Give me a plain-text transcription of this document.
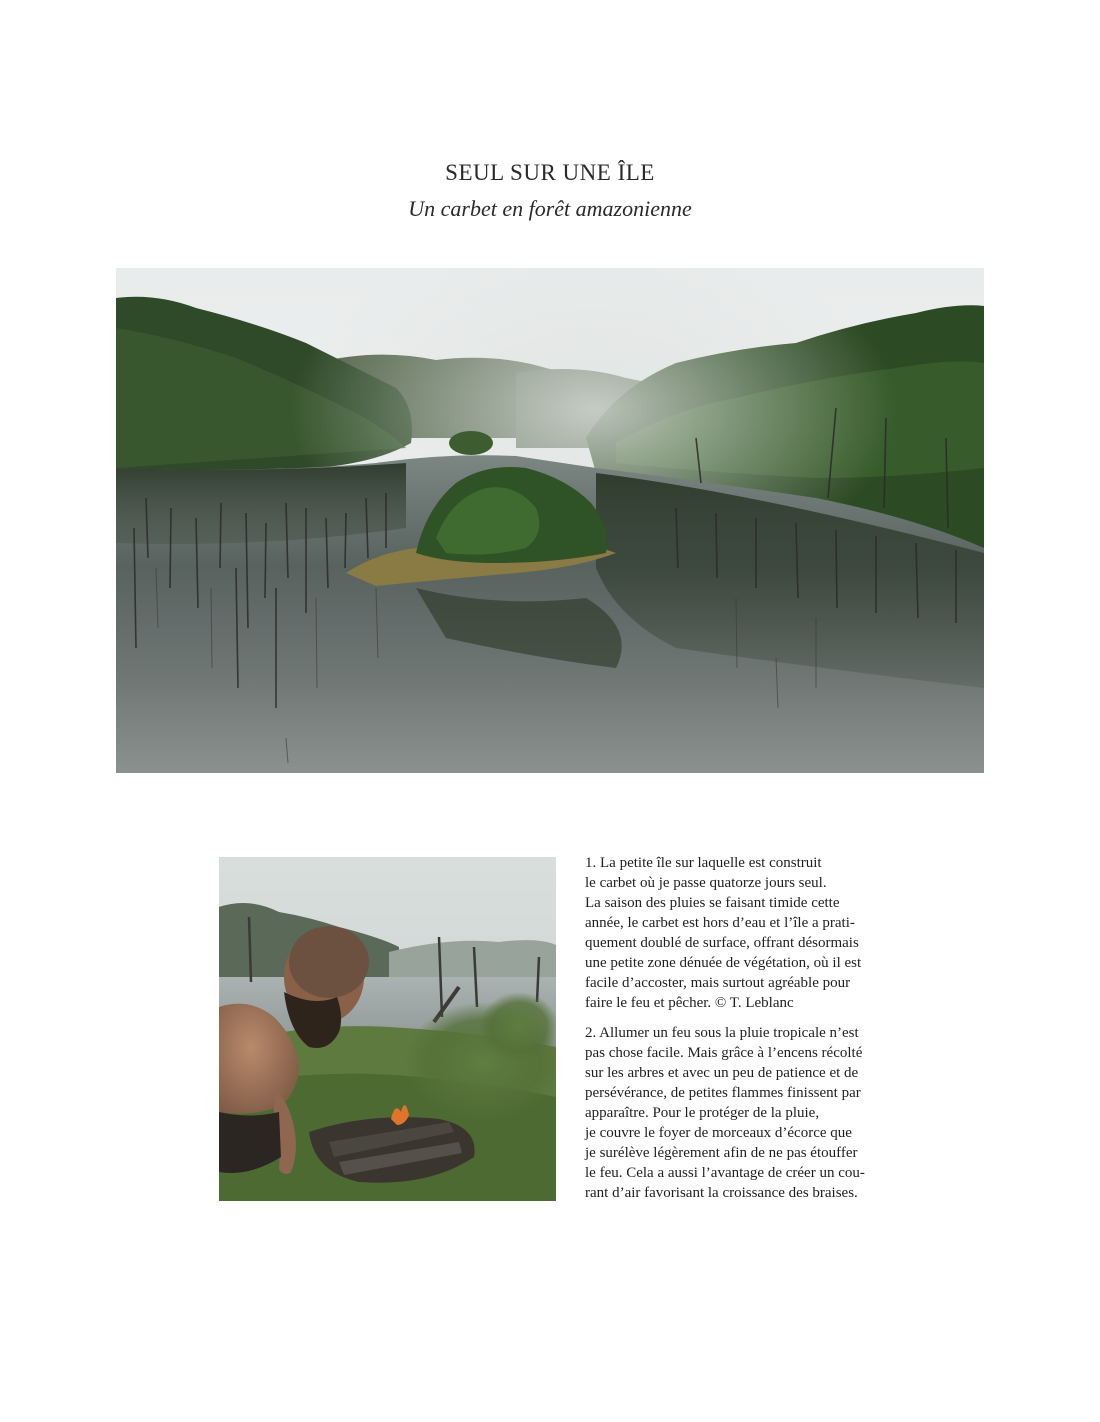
SEUL SUR UNE ÎLE
Un carbet en forêt amazonienne
1. La petite île sur laquelle est construit
le carbet où je passe quatorze jours seul.
La saison des pluies se faisant timide cette
année, le carbet est hors d’eau et l’île a prati-
quement doublé de surface, offrant désormais
une petite zone dénuée de végétation, où il est
facile d’accoster, mais surtout agréable pour
faire le feu et pêcher. © T. Leblanc
2. Allumer un feu sous la pluie tropicale n’est
pas chose facile. Mais grâce à l’encens récolté
sur les arbres et avec un peu de patience et de
persévérance, de petites flammes finissent par
apparaître. Pour le protéger de la pluie,
je couvre le foyer de morceaux d’écorce que
je surélève légèrement afin de ne pas étouffer
le feu. Cela a aussi l’avantage de créer un cou-
rant d’air favorisant la croissance des braises.
